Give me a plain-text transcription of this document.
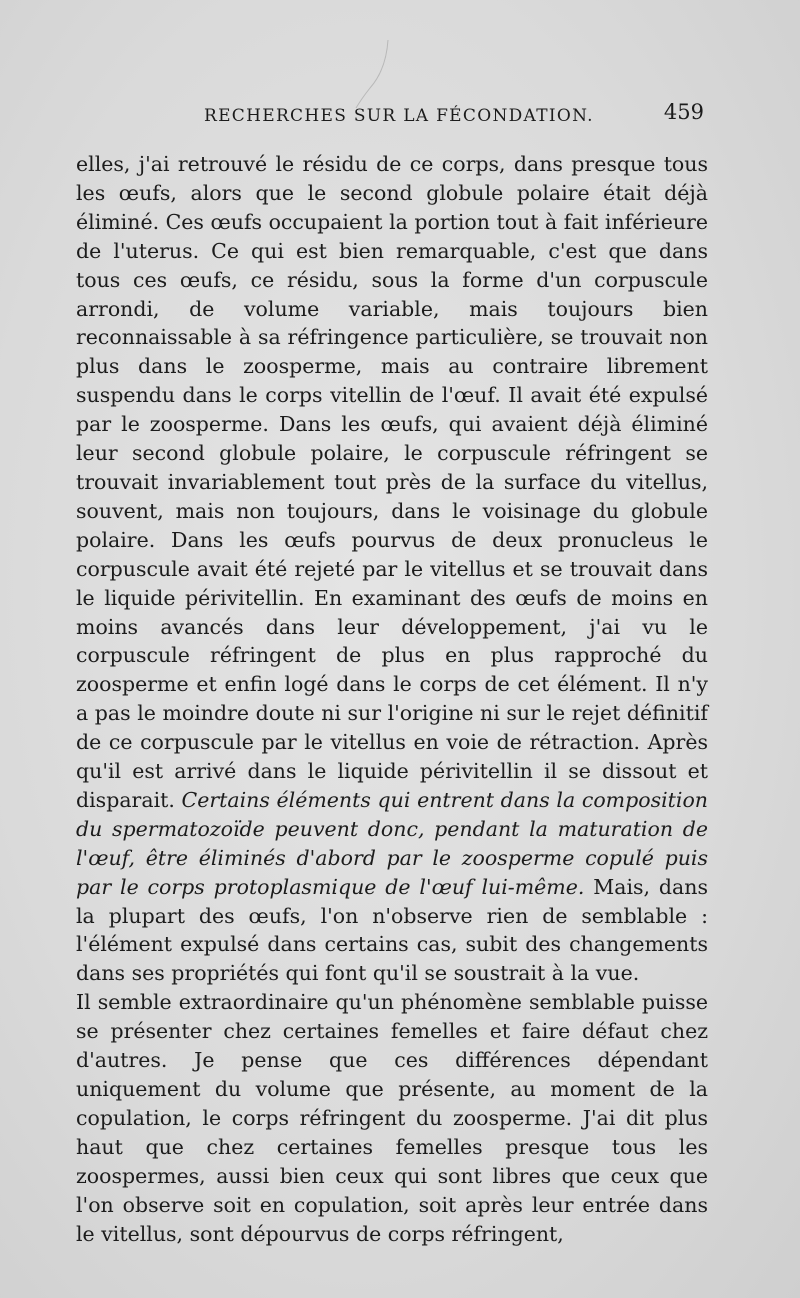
RECHERCHES SUR LA FÉCONDATION.	459

elles, j'ai retrouvé le résidu de ce corps, dans presque tous les œufs, alors que le second globule polaire était déjà éliminé. Ces œufs occupaient la portion tout à fait inférieure de l'uterus. Ce qui est bien remarquable, c'est que dans tous ces œufs, ce résidu, sous la forme d'un corpuscule arrondi, de volume variable, mais toujours bien reconnaissable à sa réfringence particulière, se trouvait non plus dans le zoosperme, mais au contraire librement suspendu dans le corps vitellin de l'œuf. Il avait été expulsé par le zoosperme. Dans les œufs, qui avaient déjà éliminé leur second globule polaire, le corpuscule réfringent se trouvait invariablement tout près de la surface du vitellus, souvent, mais non toujours, dans le voisinage du globule polaire. Dans les œufs pourvus de deux pronucleus le corpuscule avait été rejeté par le vitellus et se trouvait dans le liquide périvitellin. En examinant des œufs de moins en moins avancés dans leur développement, j'ai vu le corpuscule réfringent de plus en plus rapproché du zoosperme et enfin logé dans le corps de cet élément. Il n'y a pas le moindre doute ni sur l'origine ni sur le rejet définitif de ce corpuscule par le vitellus en voie de rétraction. Après qu'il est arrivé dans le liquide périvitellin il se dissout et disparait. Certains éléments qui entrent dans la composition du spermatozoïde peuvent donc, pendant la maturation de l'œuf, être éliminés d'abord par le zoosperme copulé puis par le corps protoplasmique de l'œuf lui-même. Mais, dans la plupart des œufs, l'on n'observe rien de semblable : l'élément expulsé dans certains cas, subit des changements dans ses propriétés qui font qu'il se soustrait à la vue.

Il semble extraordinaire qu'un phénomène semblable puisse se présenter chez certaines femelles et faire défaut chez d'autres. Je pense que ces différences dépendant uniquement du volume que présente, au moment de la copulation, le corps réfringent du zoosperme. J'ai dit plus haut que chez certaines femelles presque tous les zoospermes, aussi bien ceux qui sont libres que ceux que l'on observe soit en copulation, soit après leur entrée dans le vitellus, sont dépourvus de corps réfringent,
